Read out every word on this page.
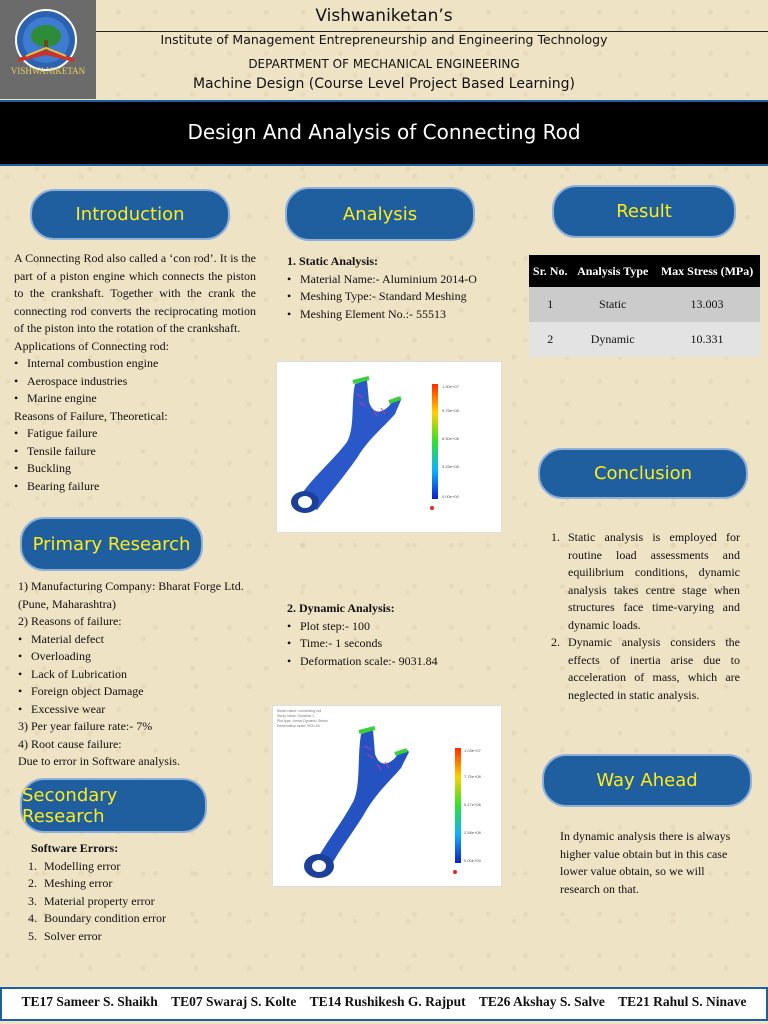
VISHWANIKETAN
Vishwaniketan’s
Institute of Management Entrepreneurship and Engineering Technology
DEPARTMENT OF MECHANICAL ENGINEERING
Machine Design (Course Level Project Based Learning)
Design And Analysis of Connecting Rod
Introduction	Analysis	Result
Primary Research
Secondary Research
Conclusion
Way Ahead
A Connecting Rod also called a ‘con rod’. It is the part of a piston engine which connects the piston to the crankshaft. Together with the crank the connecting rod converts the reciprocating motion of the piston into the rotation of the crankshaft.
Applications of Connecting rod:
• Internal combustion engine
• Aerospace industries
• Marine engine
Reasons of Failure, Theoretical:
• Fatigue failure
• Tensile failure
• Buckling
• Bearing failure
1) Manufacturing Company: Bharat Forge Ltd. (Pune, Maharashtra)
2) Reasons of failure:
• Material defect
• Overloading
• Lack of Lubrication
• Foreign object Damage
• Excessive wear
3) Per year failure rate:- 7%
4) Root cause failure:
Due to error in Software analysis.
Software Errors:
1. Modelling error
2. Meshing error
3. Material property error
4. Boundary condition error
5. Solver error
1. Static Analysis:
• Material Name:- Aluminium 2014-O
• Meshing Type:- Standard Meshing
• Meshing Element No.:- 55513
1.30e+07
9.75e+06
6.50e+06
3.25e+06
0.00e+00
2. Dynamic Analysis:
• Plot step:- 100
• Time:- 1 seconds
• Deformation scale:- 9031.84
Model name: connecting rod
Study name: Dynamic 1
Plot type: Linear Dynamic Stress
Deformation scale: 9031.84
1.03e+07
7.75e+06
5.17e+06
2.58e+06
0.00e+00
Sr. No.	Analysis Type	Max Stress (MPa)
1	Static	13.003
2	Dynamic	10.331
1. Static analysis is employed for routine load assessments and equilibrium conditions, dynamic analysis takes centre stage when structures face time-varying and dynamic loads.
2. Dynamic analysis considers the effects of inertia arise due to acceleration of mass, which are neglected in static analysis.
In dynamic analysis there is always higher value obtain but in this case lower value obtain, so we will research on that.
TE17 Sameer S. Shaikh    TE07 Swaraj S. Kolte    TE14 Rushikesh G. Rajput    TE26 Akshay S. Salve    TE21 Rahul S. Ninave
